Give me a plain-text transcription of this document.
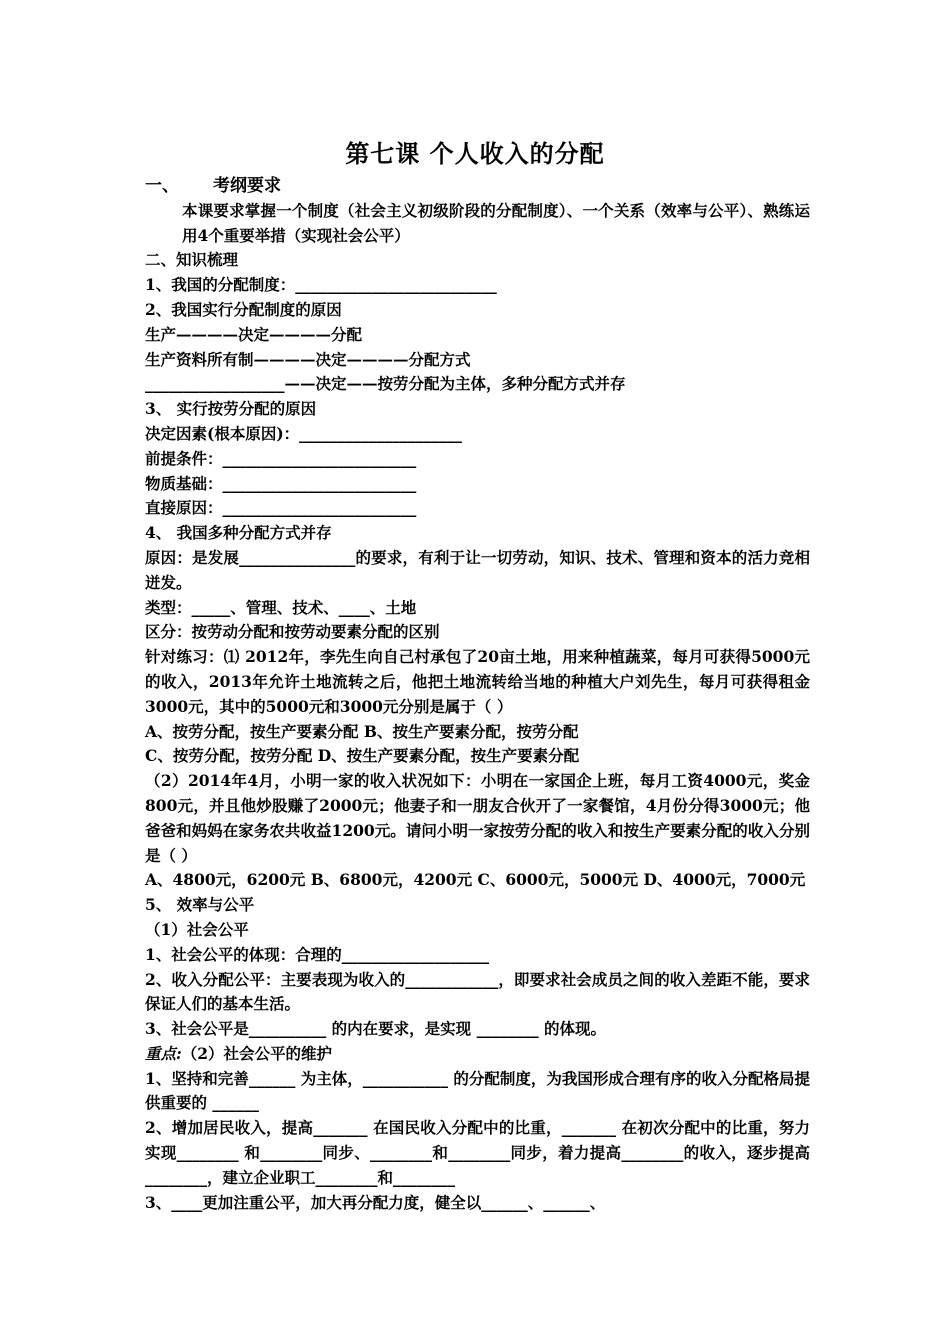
第七课 个人收入的分配
一、 考纲要求
本课要求掌握一个制度（社会主义初级阶段的分配制度）、一个关系（效率与公平）、熟练运用4个重要举措（实现社会公平）
二、知识梳理
1、我国的分配制度：__________________________
2、我国实行分配制度的原因
生产————决定————分配
生产资料所有制————决定————分配方式
__________________——决定——按劳分配为主体，多种分配方式并存
3、 实行按劳分配的原因
决定因素(根本原因)：_____________________
前提条件：_________________________
物质基础：_________________________
直接原因：_________________________
4、 我国多种分配方式并存
原因：是发展_______________的要求，有利于让一切劳动，知识、技术、管理和资本的活力竞相迸发。
类型：_____、管理、技术、____、土地
区分：按劳动分配和按劳动要素分配的区别
针对练习：⑴ 2012年，李先生向自己村承包了20亩土地，用来种植蔬菜，每月可获得5000元的收入，2013年允许土地流转之后，他把土地流转给当地的种植大户刘先生，每月可获得租金3000元，其中的5000元和3000元分别是属于（ ）
A、按劳分配，按生产要素分配 B、按生产要素分配，按劳分配
C、按劳分配，按劳分配 D、按生产要素分配，按生产要素分配
（2）2014年4月，小明一家的收入状况如下：小明在一家国企上班，每月工资4000元，奖金800元，并且他炒股赚了2000元；他妻子和一朋友合伙开了一家餐馆，4月份分得3000元；他爸爸和妈妈在家务农共收益1200元。请问小明一家按劳分配的收入和按生产要素分配的收入分别是（ ）
A、4800元，6200元 B、6800元，4200元 C、6000元，5000元 D、4000元，7000元
5、 效率与公平
（1）社会公平
1、社会公平的体现：合理的___________________
2、收入分配公平：主要表现为收入的____________，即要求社会成员之间的收入差距不能，要求保证人们的基本生活。
3、社会公平是__________ 的内在要求，是实现 ________ 的体现。
重点:（2）社会公平的维护
1、坚持和完善______ 为主体，___________ 的分配制度，为我国形成合理有序的收入分配格局提供重要的 ______
2、增加居民收入，提高_______ 在国民收入分配中的比重，_______ 在初次分配中的比重，努力实现________ 和________同步、________和________同步，着力提高________的收入，逐步提高________，建立企业职工________和________
3、____更加注重公平，加大再分配力度，健全以______、______、
